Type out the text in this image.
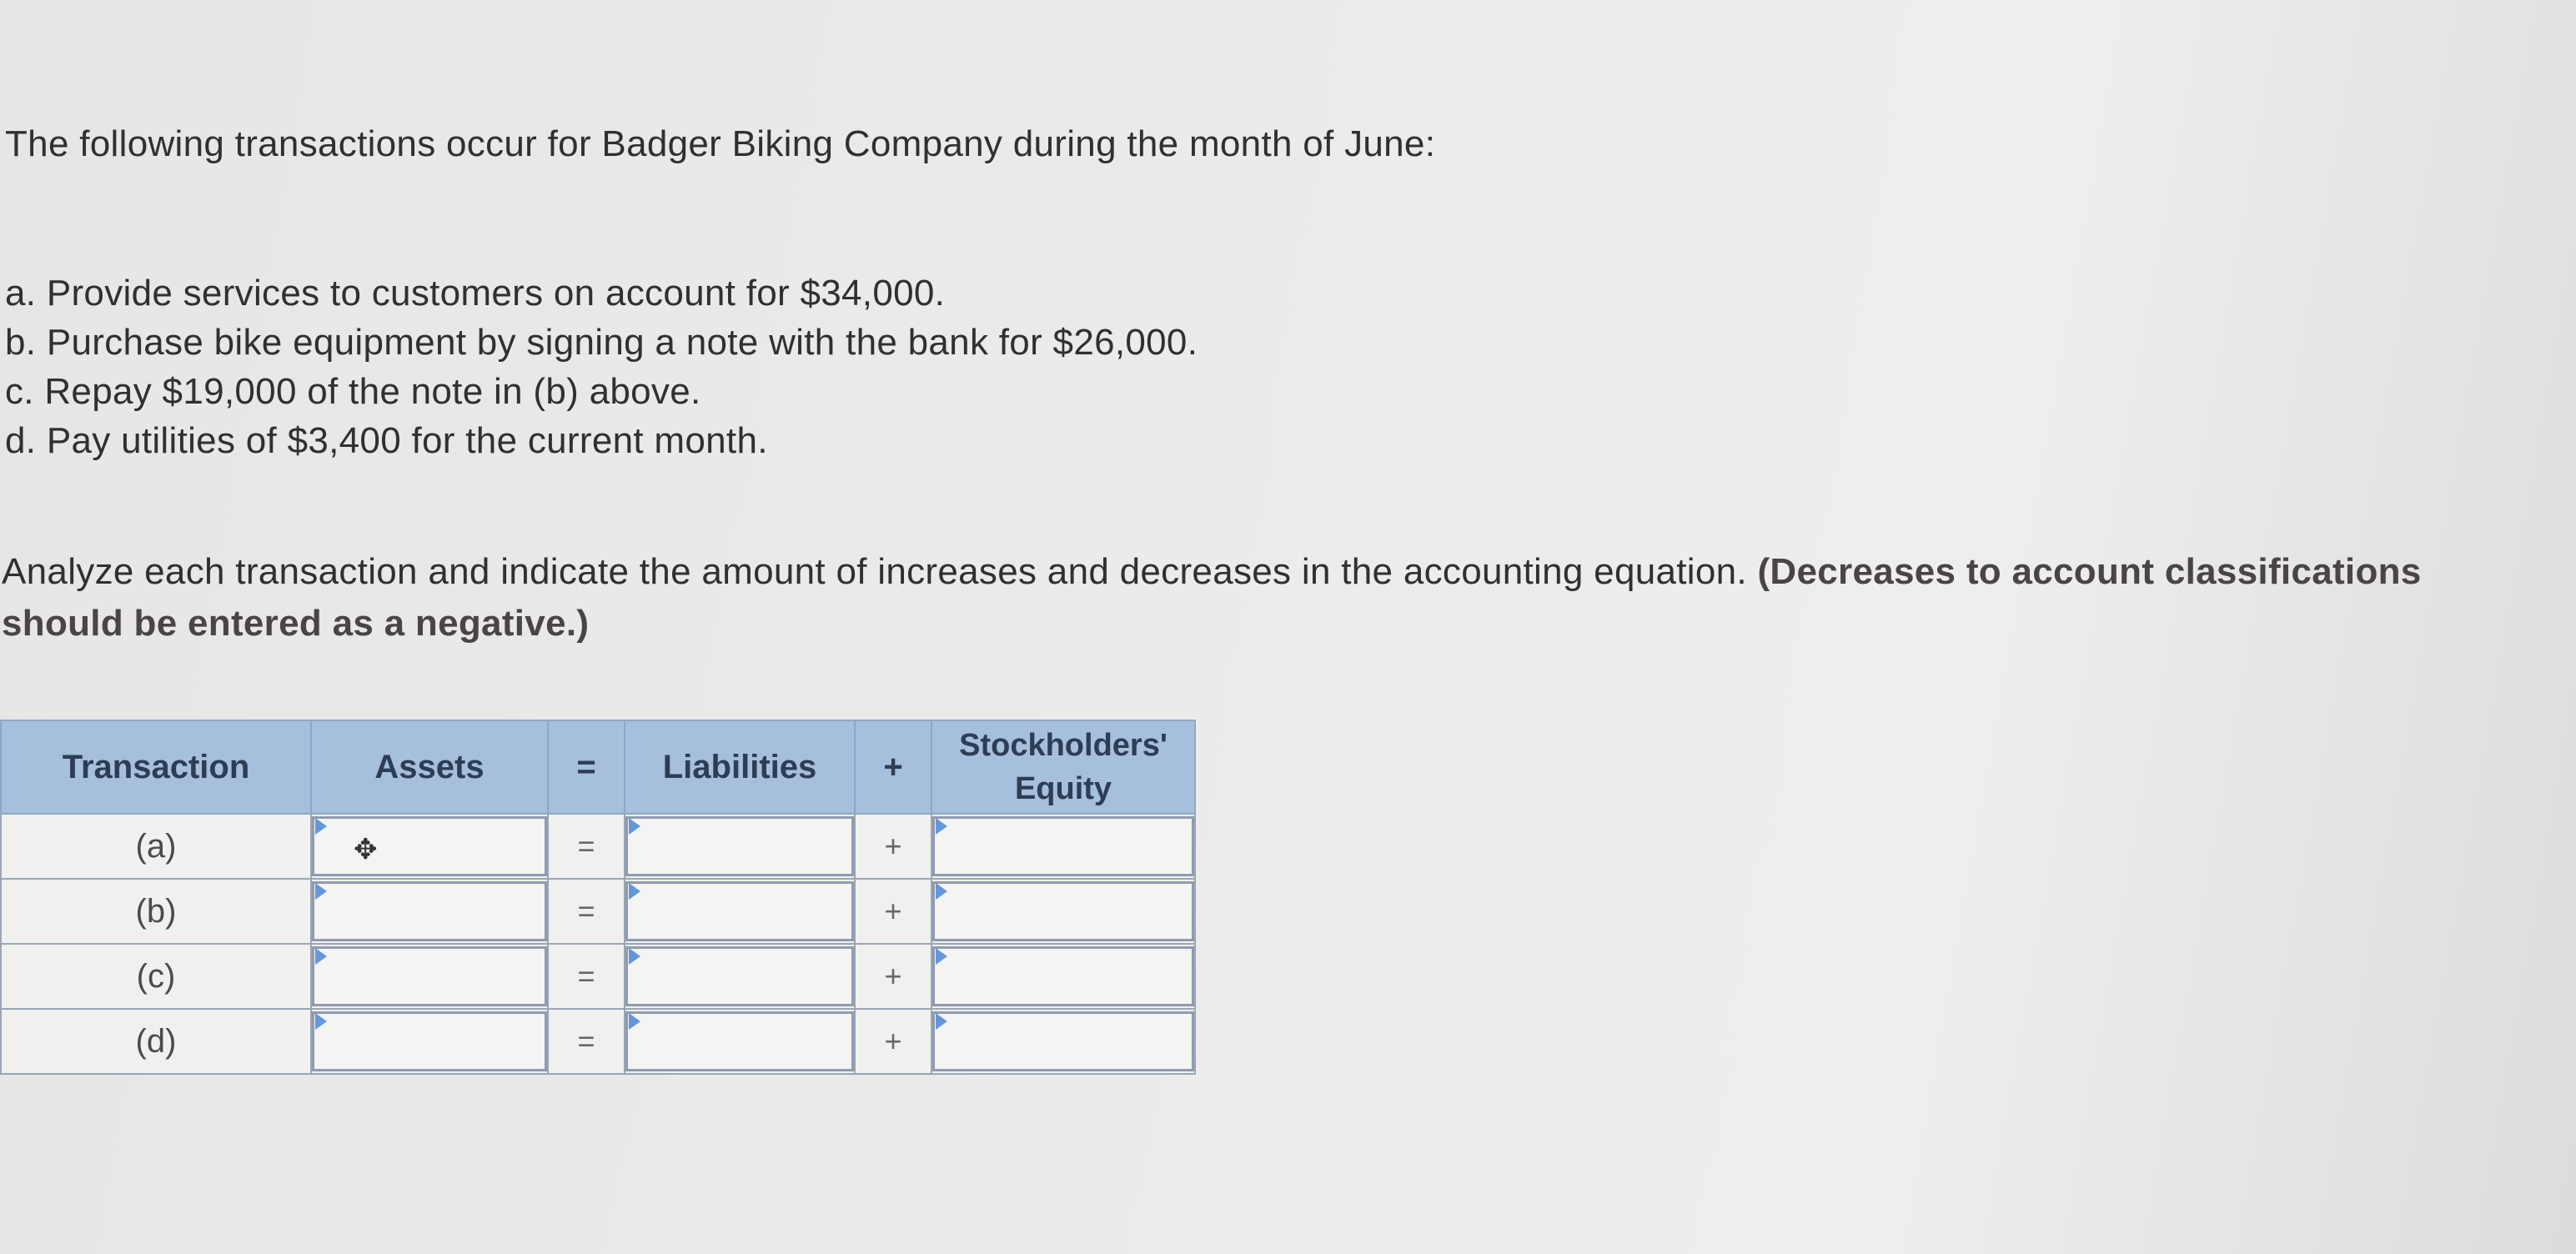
The following transactions occur for Badger Biking Company during the month of June:

a. Provide services to customers on account for $34,000.
b. Purchase bike equipment by signing a note with the bank for $26,000.
c. Repay $19,000 of the note in (b) above.
d. Pay utilities of $3,400 for the current month.

Analyze each transaction and indicate the amount of increases and decreases in the accounting equation. (Decreases to account classifications should be entered as a negative.)

Transaction	Assets	=	Liabilities	+	Stockholders'
Equity
(a)	✥	=		+	

(b)		=		+	

(c)		=		+	

(d)		=		+	
